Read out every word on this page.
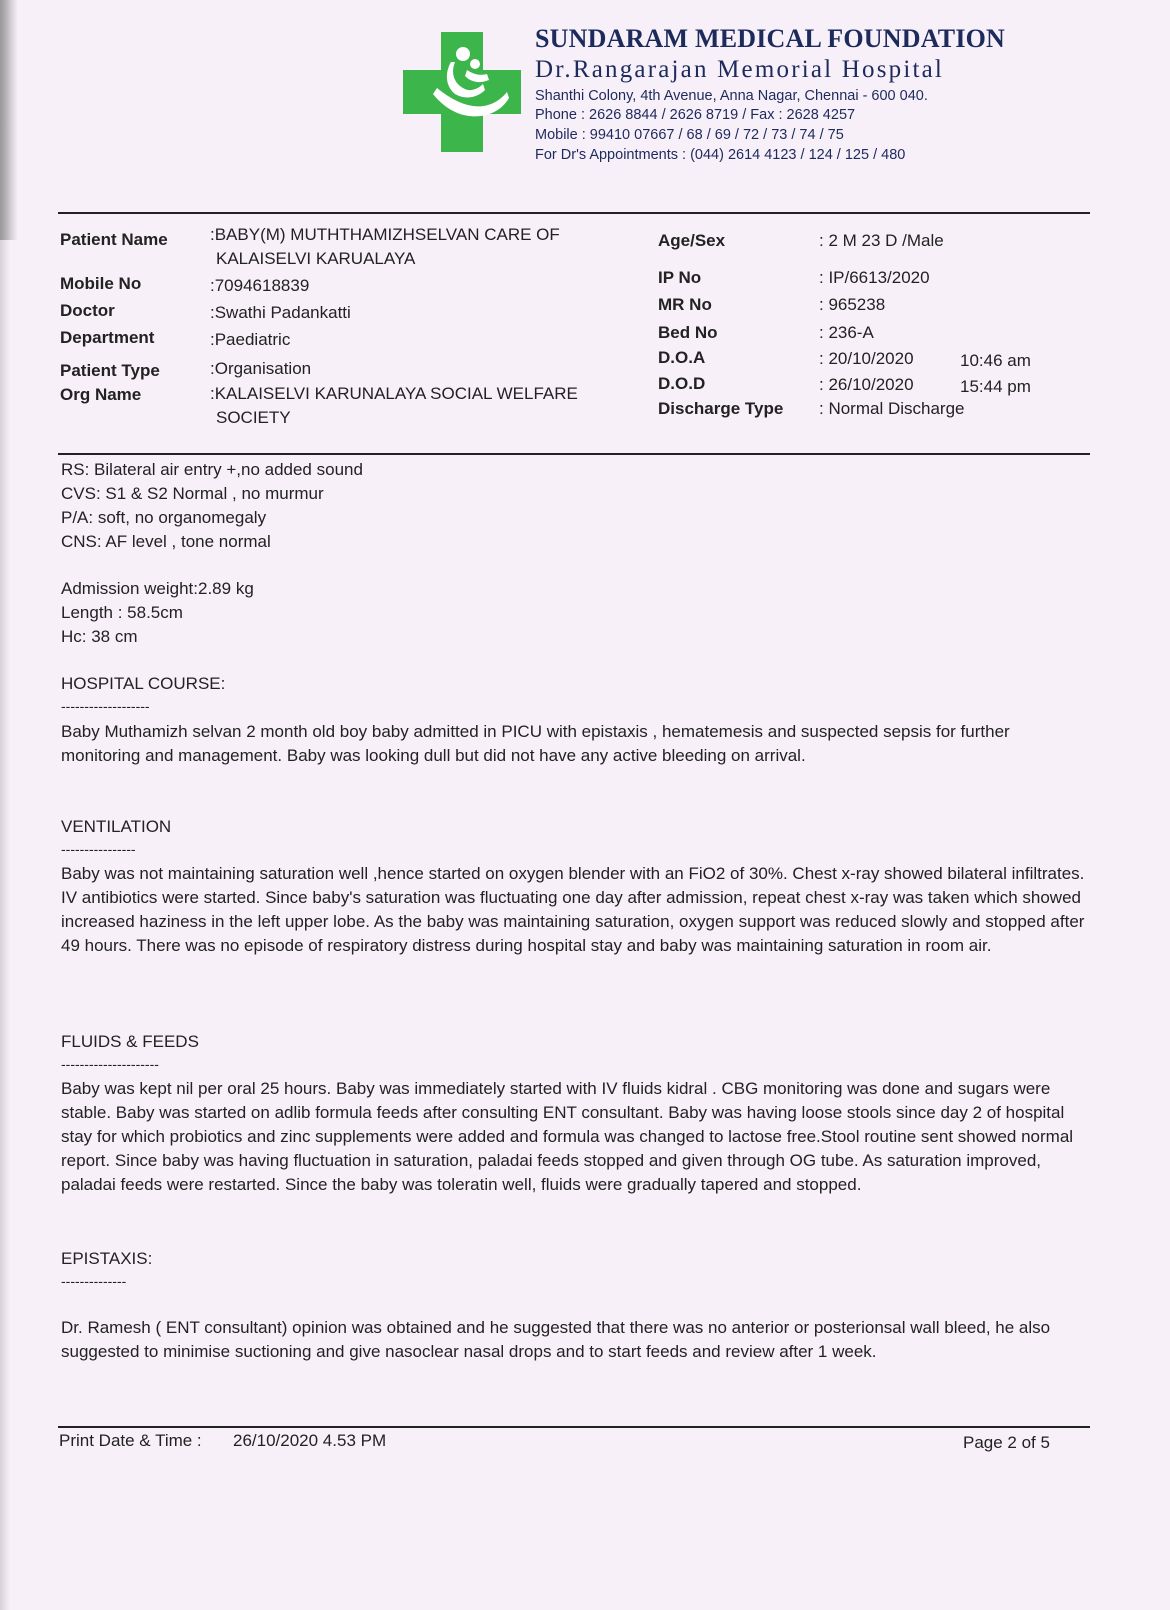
SUNDARAM MEDICAL FOUNDATION
Dr.Rangarajan Memorial Hospital
Shanthi Colony, 4th Avenue, Anna Nagar, Chennai - 600 040.
Phone : 2626 8844 / 2626 8719 / Fax : 2628 4257
Mobile : 99410 07667 / 68 / 69 / 72 / 73 / 74 / 75
For Dr's Appointments : (044) 2614 4123 / 124 / 125 / 480
Patient Name :BABY(M) MUTHTHAMIZHSELVAN CARE OF
KALAISELVI KARUALAYA
Mobile No	:7094618839
Doctor	:Swathi Padankatti
Department	:Paediatric
Patient Type	:Organisation
Org Name	:KALAISELVI KARUNALAYA SOCIAL WELFARE
SOCIETY
Age/Sex	: 2 M 23 D /Male
IP No	: IP/6613/2020
MR No	: 965238
Bed No	: 236-A
D.O.A	: 20/10/2020	10:46 am
D.O.D	: 26/10/2020	15:44 pm
Discharge Type : Normal Discharge
RS: Bilateral air entry +,no added sound
CVS: S1 & S2 Normal , no murmur
P/A: soft, no organomegaly
CNS: AF level , tone normal
Admission weight:2.89 kg
Length : 58.5cm
Hc: 38 cm
HOSPITAL COURSE:
-------------------
Baby Muthamizh selvan 2 month old boy baby admitted in PICU with epistaxis , hematemesis and suspected sepsis for further monitoring and management. Baby was looking dull but did not have any active bleeding on arrival.
VENTILATION
----------------
Baby was not maintaining saturation well ,hence started on oxygen blender with an FiO2 of 30%. Chest x-ray showed bilateral infiltrates. IV antibiotics were started. Since baby's saturation was fluctuating one day after admission, repeat chest x-ray was taken which showed increased haziness in the left upper lobe. As the baby was maintaining saturation, oxygen support was reduced slowly and stopped after 49 hours. There was no episode of respiratory distress during hospital stay and baby was maintaining saturation in room air.
FLUIDS & FEEDS
---------------------
Baby was kept nil per oral 25 hours. Baby was immediately started with IV fluids kidral . CBG monitoring was done and sugars were stable. Baby was started on adlib formula feeds after consulting ENT consultant. Baby was having loose stools since day 2 of hospital stay for which probiotics and zinc supplements were added and formula was changed to lactose free.Stool routine sent showed normal report. Since baby was having fluctuation in saturation, paladai feeds stopped and given through OG tube. As saturation improved, paladai feeds were restarted. Since the baby was toleratin well, fluids were gradually tapered and stopped.
EPISTAXIS:
--------------
Dr. Ramesh ( ENT consultant) opinion was obtained and he suggested that there was no anterior or posterionsal wall bleed, he also suggested to minimise suctioning and give nasoclear nasal drops and to start feeds and review after 1 week.
Print Date & Time : 26/10/2020 4.53 PM	Page 2 of 5
